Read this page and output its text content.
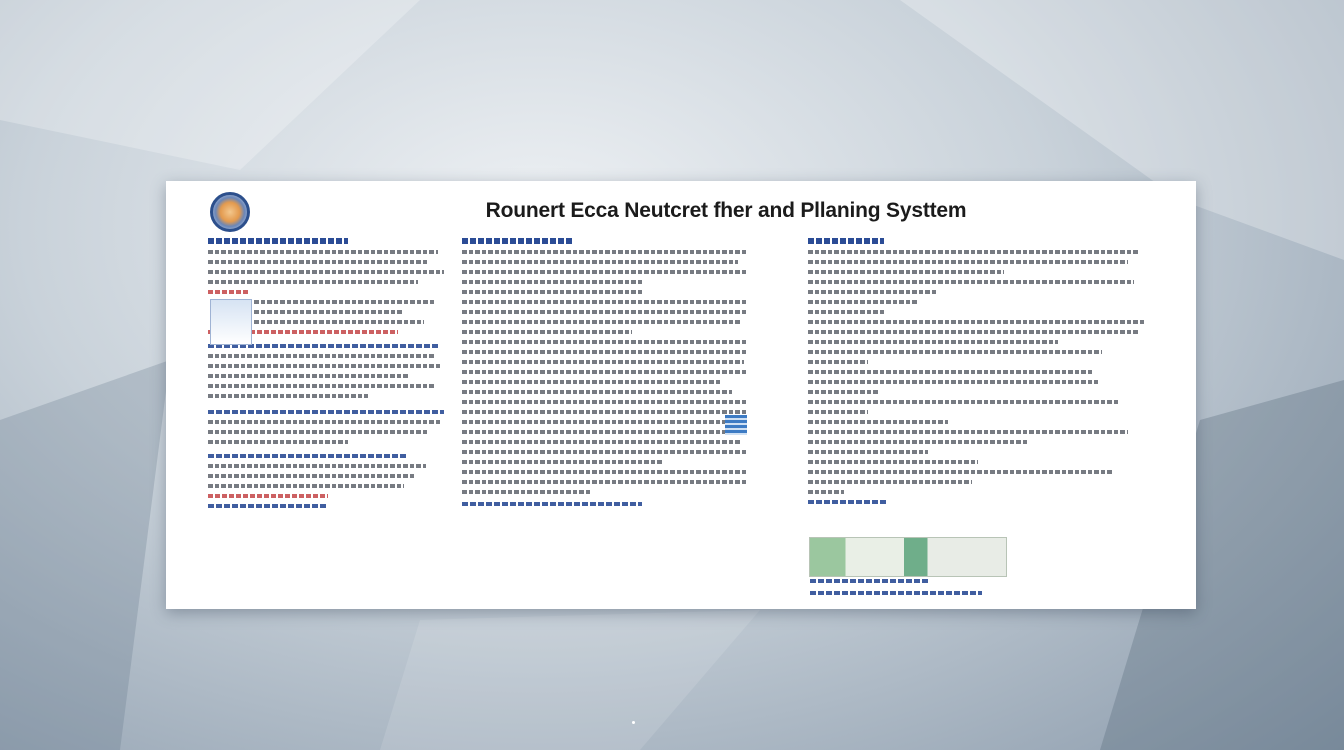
Rounert Ecca Neutcret fher and Pllaning Systtem
